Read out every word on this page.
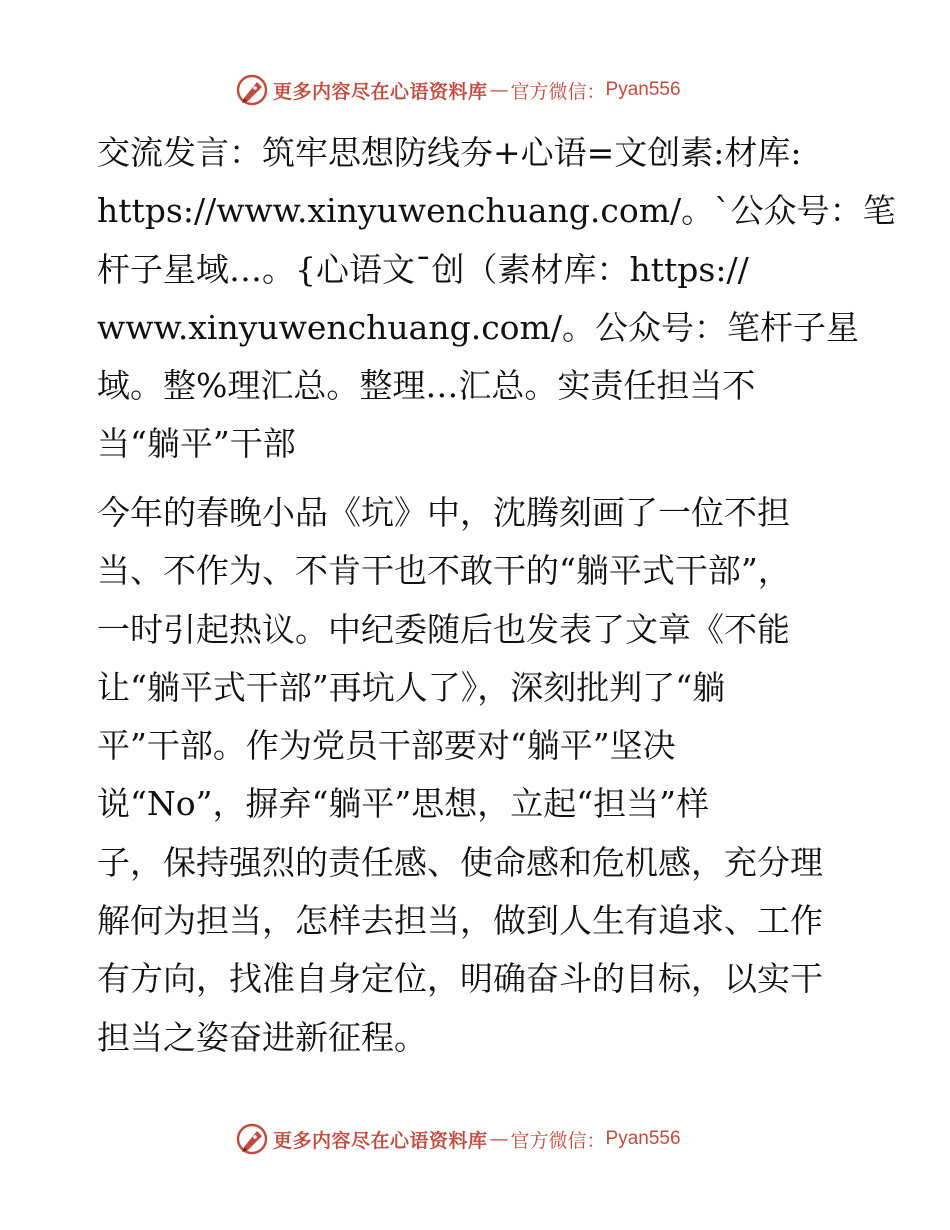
更多内容尽在心语资料库 — 官方微信： Pyan556
交流发言：筑牢思想防线夯+心语=文创素:材库:
https://www.xinyuwenchuang.com/。`公众号：笔
杆子星域…。{心语文¯创（素材库：https://
www.xinyuwenchuang.com/。公众号：笔杆子星
域。整%理汇总。整理…汇总。实责任担当不
当“躺平”干部
今年的春晚小品《坑》中，沈腾刻画了一位不担
当、不作为、不肯干也不敢干的“躺平式干部”，
一时引起热议。中纪委随后也发表了文章《不能
让“躺平式干部”再坑人了》，深刻批判了“躺
平”干部。作为党员干部要对“躺平”坚决
说“No”，摒弃“躺平”思想，立起“担当”样
子，保持强烈的责任感、使命感和危机感，充分理
解何为担当，怎样去担当，做到人生有追求、工作
有方向，找准自身定位，明确奋斗的目标，以实干
担当之姿奋进新征程。
更多内容尽在心语资料库 — 官方微信： Pyan556
